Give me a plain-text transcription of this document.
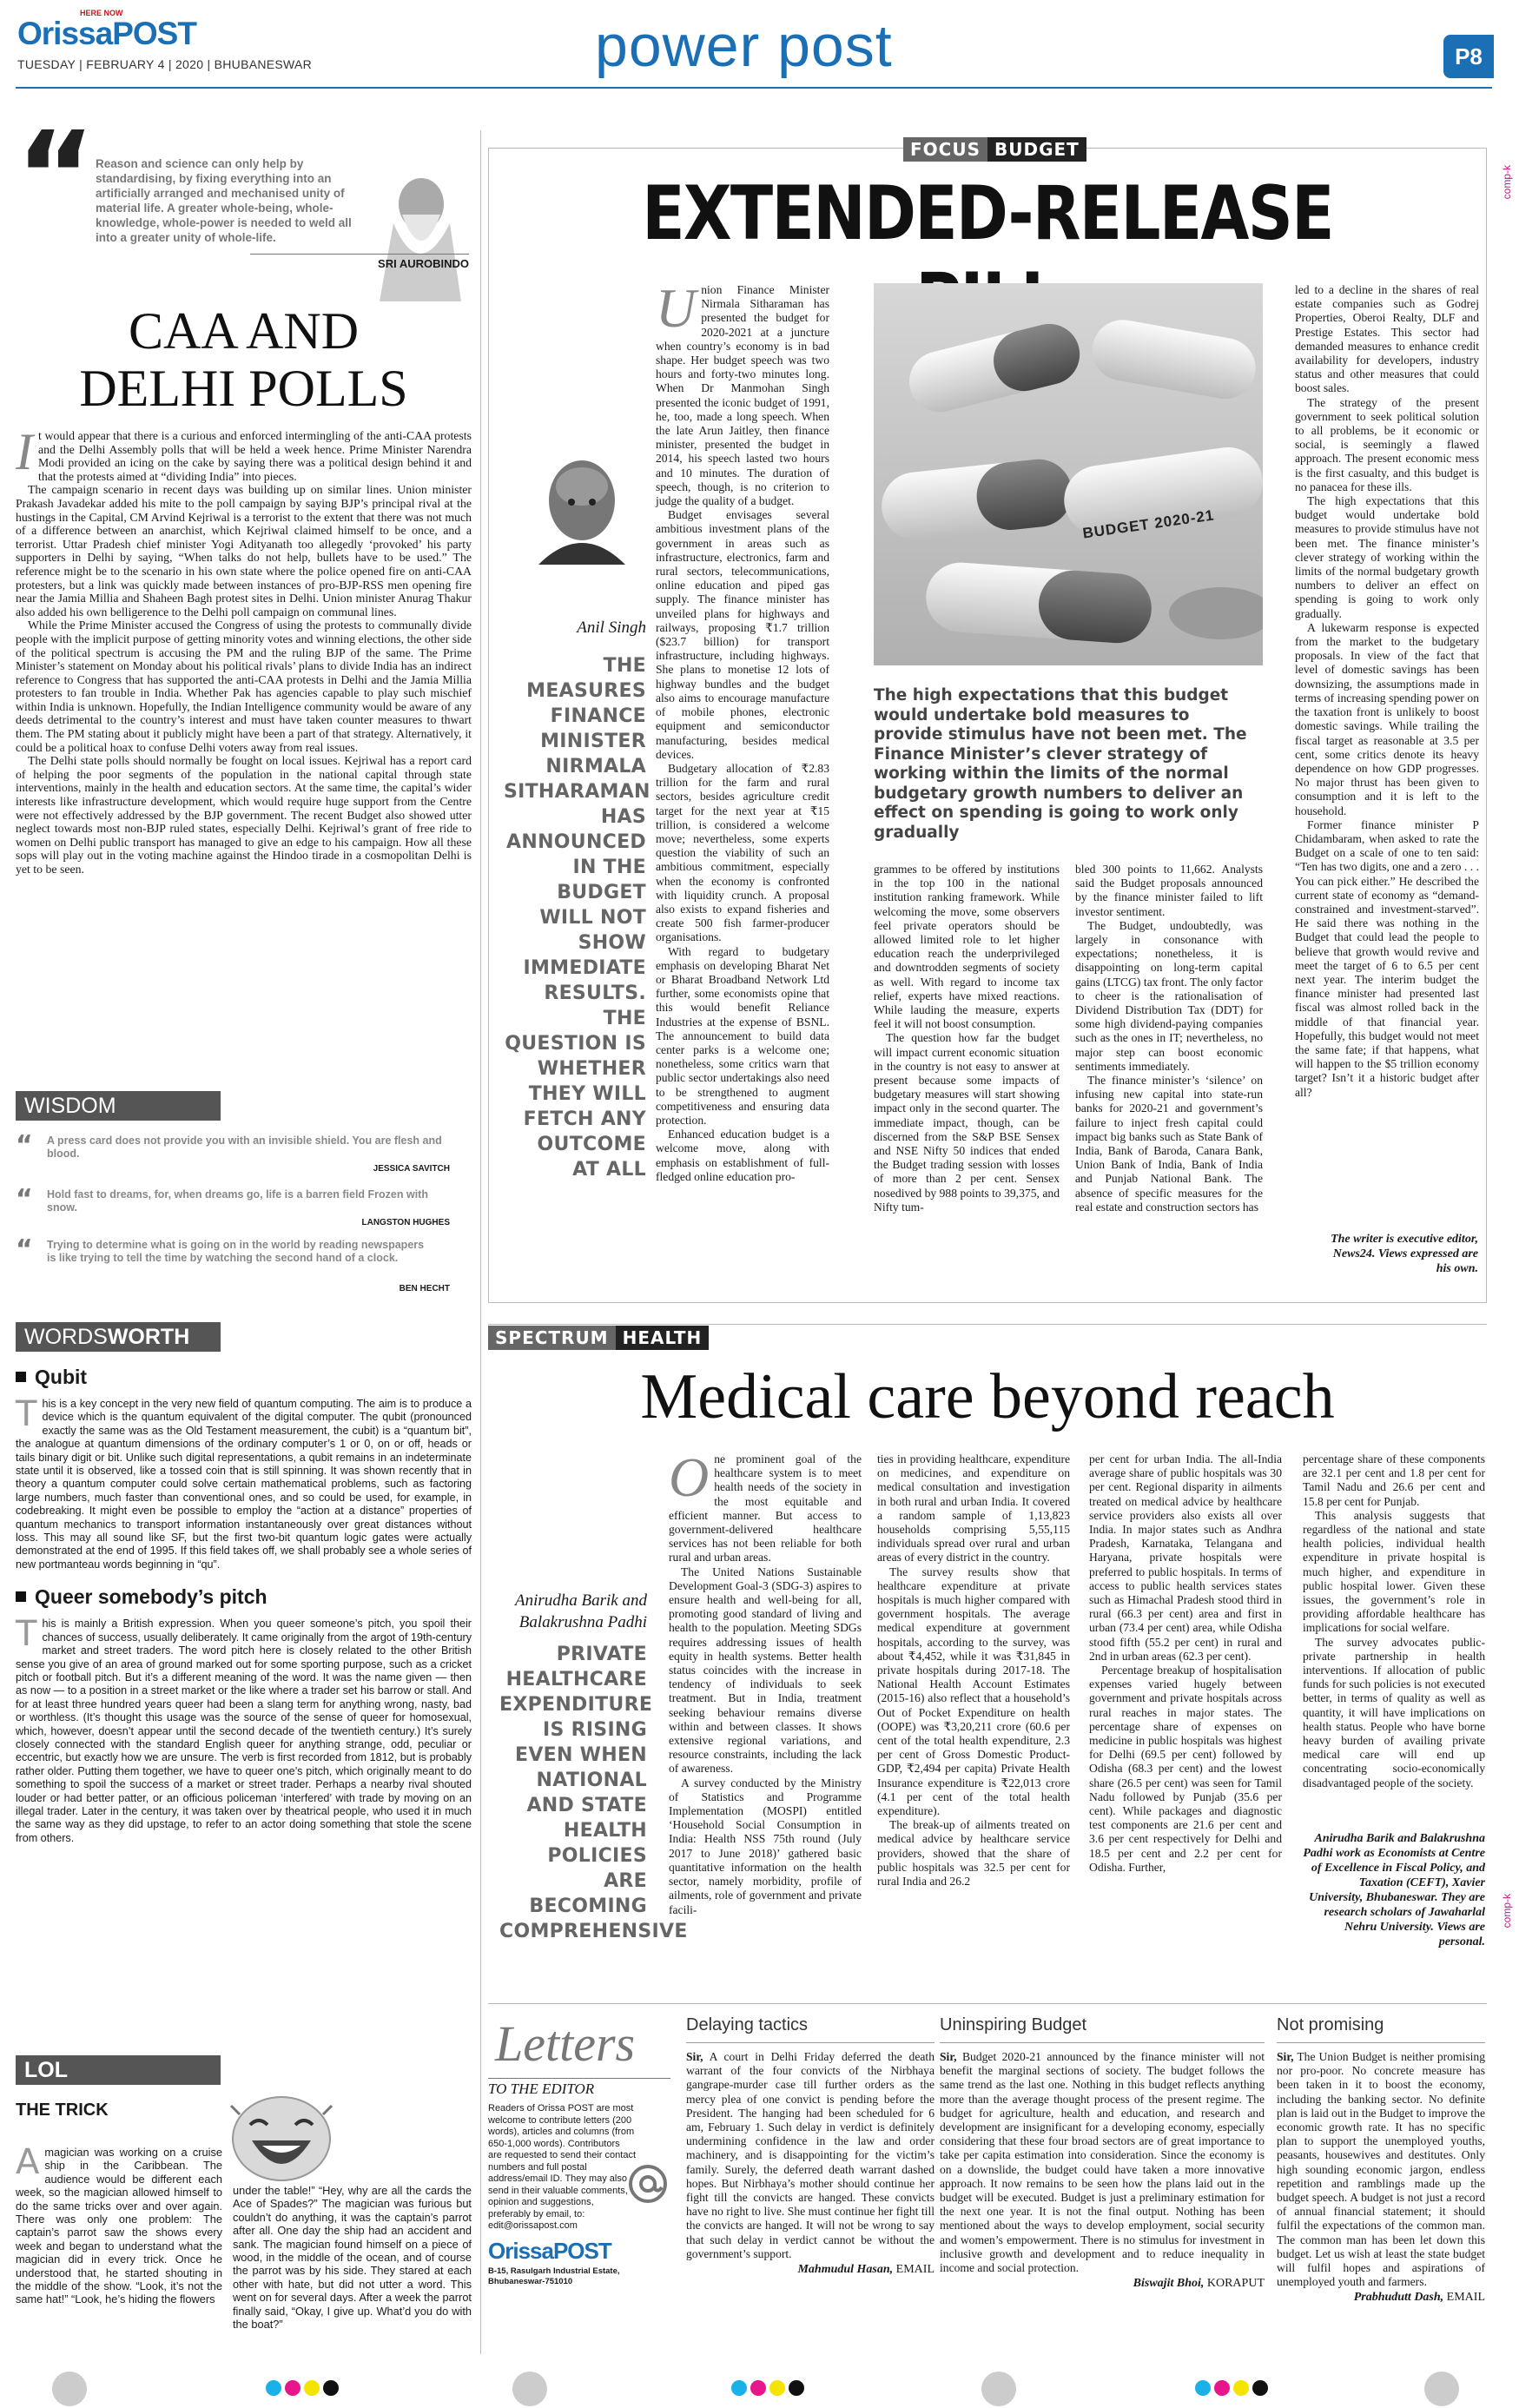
HERE NOW
OrissaPOST
TUESDAY | FEBRUARY 4 | 2020 | BHUBANESWAR	power post	P8
“ Reason and science can only help by standardising, by fixing everything into an artificially arranged and mechanised unity of material life. A greater whole-being, whole-knowledge, whole-power is needed to weld all into a greater unity of whole-life.
SRI AUROBINDO
CAA AND
DELHI POLLS

It would appear that there is a curious and enforced intermingling of the anti-CAA protests and the Delhi Assembly polls that will be held a week hence. Prime Minister Narendra Modi provided an icing on the cake by saying there was a political design behind it and that the protests aimed at “dividing India” into pieces.

The campaign scenario in recent days was building up on similar lines. Union minister Prakash Javadekar added his mite to the poll campaign by saying BJP’s principal rival at the hustings in the Capital, CM Arvind Kejriwal is a terrorist to the extent that there was not much of a difference between an anarchist, which Kejriwal claimed himself to be once, and a terrorist. Uttar Pradesh chief minister Yogi Adityanath too allegedly ‘provoked’ his party supporters in Delhi by saying, “When talks do not help, bullets have to be used.” The reference might be to the scenario in his own state where the police opened fire on anti-CAA protesters, but a link was quickly made between instances of pro-BJP-RSS men opening fire near the Jamia Millia and Shaheen Bagh protest sites in Delhi. Union minister Anurag Thakur also added his own belligerence to the Delhi poll campaign on communal lines.

While the Prime Minister accused the Congress of using the protests to communally divide people with the implicit purpose of getting minority votes and winning elections, the other side of the political spectrum is accusing the PM and the ruling BJP of the same. The Prime Minister’s statement on Monday about his political rivals’ plans to divide India has an indirect reference to Congress that has supported the anti-CAA protests in Delhi and the Jamia Millia protesters to fan trouble in India. Whether Pak has agencies capable to play such mischief within India is unknown. Hopefully, the Indian Intelligence community would be aware of any deeds detrimental to the country’s interest and must have taken counter measures to thwart them. The PM stating about it publicly might have been a part of that strategy. Alternatively, it could be a political hoax to confuse Delhi voters away from real issues.

The Delhi state polls should normally be fought on local issues. Kejriwal has a report card of helping the poor segments of the population in the national capital through state interventions, mainly in the health and education sectors. At the same time, the capital’s wider interests like infrastructure development, which would require huge support from the Centre were not effectively addressed by the BJP government. The recent Budget also showed utter neglect towards most non-BJP ruled states, especially Delhi. Kejriwal’s grant of free ride to women on Delhi public transport has managed to give an edge to his campaign. How all these sops will play out in the voting machine against the Hindoo tirade in a cosmopolitan Delhi is yet to be seen.

WISDOM CORNER
“ A press card does not provide you with an invisible shield. You are flesh and blood.
JESSICA SAVITCH
“ Hold fast to dreams, for, when dreams go, life is a barren field Frozen with snow.
LANGSTON HUGHES
“ Trying to determine what is going on in the world by reading newspapers is like trying to tell the time by watching the second hand of a clock.
BEN HECHT
WORDSWORTH
Qubit
This is a key concept in the very new field of quantum computing. The aim is to produce a device which is the quantum equivalent of the digital computer. The qubit (pronounced exactly the same was as the Old Testament measurement, the cubit) is a “quantum bit”, the analogue at quantum dimensions of the ordinary computer’s 1 or 0, on or off, heads or tails binary digit or bit. Unlike such digital representations, a qubit remains in an indeterminate state until it is observed, like a tossed coin that is still spinning. It was shown recently that in theory a quantum computer could solve certain mathematical problems, such as factoring large numbers, much faster than conventional ones, and so could be used, for example, in codebreaking. It might even be possible to employ the “action at a distance” properties of quantum mechanics to transport information instantaneously over great distances without loss. This may all sound like SF, but the first two-bit quantum logic gates were actually demonstrated at the end of 1995. If this field takes off, we shall probably see a whole series of new portmanteau words beginning in “qu”.
Queer somebody’s pitch
This is mainly a British expression. When you queer someone’s pitch, you spoil their chances of success, usually deliberately. It came originally from the argot of 19th-century market and street traders. The word pitch here is closely related to the other British sense you give of an area of ground marked out for some sporting purpose, such as a cricket pitch or football pitch. But it’s a different meaning of the word. It was the name given — then as now — to a position in a street market or the like where a trader set his barrow or stall. And for at least three hundred years queer had been a slang term for anything wrong, nasty, bad or worthless. (It’s thought this usage was the source of the sense of queer for homosexual, which, however, doesn’t appear until the second decade of the twentieth century.) It’s surely closely connected with the standard English queer for anything strange, odd, peculiar or eccentric, but exactly how we are unsure. The verb is first recorded from 1812, but is probably rather older. Putting them together, we have to queer one’s pitch, which originally meant to do something to spoil the success of a market or street trader. Perhaps a nearby rival shouted louder or had better patter, or an officious policeman ‘interfered’ with trade by moving on an illegal trader. Later in the century, it was taken over by theatrical people, who used it in much the same way as they did upstage, to refer to an actor doing something that stole the scene from others.
LOL
THE TRICK
Amagician was working on a cruise ship in the Caribbean. The audience would be different each week, so the magician allowed himself to do the same tricks over and over again. There was only one problem: The captain’s parrot saw the shows every week and began to understand what the magician did in every trick. Once he understood that, he started shouting in the middle of the show. “Look, it’s not the same hat!” “Look, he’s hiding the flowers
under the table!” “Hey, why are all the cards the Ace of Spades?” The magician was furious but couldn’t do anything, it was the captain’s parrot after all. One day the ship had an accident and sank. The magician found himself on a piece of wood, in the middle of the ocean, and of course the parrot was by his side. They stared at each other with hate, but did not utter a word. This went on for several days. After a week the parrot finally said, “Okay, I give up. What’d you do with the boat?”
FOCUS BUDGET
EXTENDED-RELEASE
Anil Singh
THE MEASURES FINANCE MINISTER NIRMALA SITHARAMAN HAS ANNOUNCED IN THE BUDGET WILL NOT SHOW IMMEDIATE RESULTS. THE QUESTION IS WHETHER THEY WILL FETCH ANY OUTCOME AT ALL

Union Finance Minister Nirmala Sitharaman has presented the budget for 2020-2021 at a juncture when country’s economy is in bad shape. Her budget speech was two hours and forty-two minutes long. When Dr Manmohan Singh presented the iconic budget of 1991, he, too, made a long speech. When the late Arun Jaitley, then finance minister, presented the budget in 2014, his speech lasted two hours and 10 minutes. The duration of speech, though, is no criterion to judge the quality of a budget.

Budget envisages several ambitious investment plans of the government in areas such as infrastructure, electronics, farm and rural sectors, telecommunications, online education and piped gas supply. The finance minister has unveiled plans for highways and railways, proposing ₹1.7 trillion ($23.7 billion) for transport infrastructure, including highways. She plans to monetise 12 lots of highway bundles and the budget also aims to encourage manufacture of mobile phones, electronic equipment and semiconductor manufacturing, besides medical devices.

Budgetary allocation of ₹2.83 trillion for the farm and rural sectors, besides agriculture credit target for the next year at ₹15 trillion, is considered a welcome move; nevertheless, some experts question the viability of such an ambitious commitment, especially when the economy is confronted with liquidity crunch. A proposal also exists to expand fisheries and create 500 fish farmer-producer organisations.

With regard to budgetary emphasis on developing Bharat Net or Bharat Broadband Network Ltd further, some economists opine that this would benefit Reliance Industries at the expense of BSNL. The announcement to build data center parks is a welcome one; nonetheless, some critics warn that public sector undertakings also need to be strengthened to augment competitiveness and ensuring data protection.

Enhanced education budget is a welcome move, along with emphasis on establishment of full-fledged online education pro-

BUDGET 2020-21
The high expectations that this budget would undertake bold measures to provide stimulus have not been met. The Finance Minister’s clever strategy of working within the limits of the normal budgetary growth numbers to deliver an effect on spending is going to work only gradually

grammes to be offered by institutions in the top 100 in the national institution ranking framework. While welcoming the move, some observers feel private operators should be allowed limited role to let higher education reach the underprivileged and downtrodden segments of society as well. With regard to income tax relief, experts have mixed reactions. While lauding the measure, experts feel it will not boost consumption.

The question how far the budget will impact current economic situation in the country is not easy to answer at present because some impacts of budgetary measures will start showing impact only in the second quarter. The immediate impact, though, can be discerned from the S&P BSE Sensex and NSE Nifty 50 indices that ended the Budget trading session with losses of more than 2 per cent. Sensex nosedived by 988 points to 39,375, and Nifty tum-

bled 300 points to 11,662. Analysts said the Budget proposals announced by the finance minister failed to lift investor sentiment.

The Budget, undoubtedly, was largely in consonance with expectations; nonetheless, it is disappointing on long-term capital gains (LTCG) tax front. The only factor to cheer is the rationalisation of Dividend Distribution Tax (DDT) for some high dividend-paying companies such as the ones in IT; nevertheless, no major step can boost economic sentiments immediately.

The finance minister’s ‘silence’ on infusing new capital into state-run banks for 2020-21 and government’s failure to inject fresh capital could impact big banks such as State Bank of India, Bank of Baroda, Canara Bank, Union Bank of India, Bank of India and Punjab National Bank. The absence of specific measures for the real estate and construction sectors has

led to a decline in the shares of real estate companies such as Godrej Properties, Oberoi Realty, DLF and Prestige Estates. This sector had demanded measures to enhance credit availability for developers, industry status and other measures that could boost sales.

The strategy of the present government to seek political solution to all problems, be it economic or social, is seemingly a flawed approach. The present economic mess is the first casualty, and this budget is no panacea for these ills.

The high expectations that this budget would undertake bold measures to provide stimulus have not been met. The finance minister’s clever strategy of working within the limits of the normal budgetary growth numbers to deliver an effect on spending is going to work only gradually.

A lukewarm response is expected from the market to the budgetary proposals. In view of the fact that level of domestic savings has been downsizing, the assumptions made in terms of increasing spending power on the taxation front is unlikely to boost domestic savings. While trailing the fiscal target as reasonable at 3.5 per cent, some critics denote its heavy dependence on how GDP progresses. No major thrust has been given to consumption and it is left to the household.

Former finance minister P Chidambaram, when asked to rate the Budget on a scale of one to ten said: “Ten has two digits, one and a zero . . . You can pick either.” He described the current state of economy as “demand-constrained and investment-starved”. He said there was nothing in the Budget that could lead the people to believe that growth would revive and meet the target of 6 to 6.5 per cent next year. The interim budget the finance minister had presented last fiscal was almost rolled back in the middle of that financial year. Hopefully, this budget would not meet the same fate; if that happens, what will happen to the $5 trillion economy target? Isn’t it a historic budget after all?

The writer is executive editor, News24. Views expressed are his own.
SPECTRUM HEALTH
Medical care beyond reach
Anirudha Barik and Balakrushna Padhi
PRIVATE HEALTHCARE EXPENDITURE IS RISING EVEN WHEN NATIONAL AND STATE HEALTH POLICIES ARE BECOMING COMPREHENSIVE

One prominent goal of the healthcare system is to meet health needs of the society in the most equitable and efficient manner. But access to government-delivered healthcare services has not been reliable for both rural and urban areas.

The United Nations Sustainable Development Goal-3 (SDG-3) aspires to ensure health and well-being for all, promoting good standard of living and health to the population. Meeting SDGs requires addressing issues of health equity in health systems. Better health status coincides with the increase in tendency of individuals to seek treatment. But in India, treatment seeking behaviour remains diverse within and between classes. It shows extensive regional variations, and resource constraints, including the lack of awareness.

A survey conducted by the Ministry of Statistics and Programme Implementation (MOSPI) entitled ‘Household Social Consumption in India: Health NSS 75th round (July 2017 to June 2018)’ gathered basic quantitative information on the health sector, namely morbidity, profile of ailments, role of government and private facili-

ties in providing healthcare, expenditure on medicines, and expenditure on medical consultation and investigation in both rural and urban India. It covered a random sample of 1,13,823 households comprising 5,55,115 individuals spread over rural and urban areas of every district in the country.

The survey results show that healthcare expenditure at private hospitals is much higher compared with government hospitals. The average medical expenditure at government hospitals, according to the survey, was about ₹4,452, while it was ₹31,845 in private hospitals during 2017-18. The National Health Account Estimates (2015-16) also reflect that a household’s Out of Pocket Expenditure on health (OOPE) was ₹3,20,211 crore (60.6 per cent of the total health expenditure, 2.3 per cent of Gross Domestic Product-GDP, ₹2,494 per capita) Private Health Insurance expenditure is ₹22,013 crore (4.1 per cent of the total health expenditure).

The break-up of ailments treated on medical advice by healthcare service providers, showed that the share of public hospitals was 32.5 per cent for rural India and 26.2

per cent for urban India. The all-India average share of public hospitals was 30 per cent. Regional disparity in ailments treated on medical advice by healthcare service providers also exists all over India. In major states such as Andhra Pradesh, Karnataka, Telangana and Haryana, private hospitals were preferred to public hospitals. In terms of access to public health services states such as Himachal Pradesh stood third in rural (66.3 per cent) area and first in urban (73.4 per cent) area, while Odisha stood fifth (55.2 per cent) in rural and 2nd in urban areas (62.3 per cent).

Percentage breakup of hospitalisation expenses varied hugely between government and private hospitals across rural reaches in major states. The percentage share of expenses on medicine in public hospitals was highest for Delhi (69.5 per cent) followed by Odisha (68.3 per cent) and the lowest share (26.5 per cent) was seen for Tamil Nadu followed by Punjab (35.6 per cent). While packages and diagnostic test components are 21.6 per cent and 3.6 per cent respectively for Delhi and 18.5 per cent and 2.2 per cent for Odisha. Further,

percentage share of these components are 32.1 per cent and 1.8 per cent for Tamil Nadu and 26.6 per cent and 15.8 per cent for Punjab.

This analysis suggests that regardless of the national and state health policies, individual health expenditure in private hospital is much higher, and expenditure in public hospital lower. Given these issues, the government’s role in providing affordable healthcare has implications for social welfare.

The survey advocates public-private partnership in health interventions. If allocation of public funds for such policies is not executed better, in terms of quality as well as quantity, it will have implications on health status. People who have borne heavy burden of availing private medical care will end up concentrating socio-economically disadvantaged people of the society.

Anirudha Barik and Balakrushna Padhi work as Economists at Centre of Excellence in Fiscal Policy, and Taxation (CEFT), Xavier University, Bhubaneswar. They are research scholars of Jawaharlal Nehru University. Views are personal.
Letters
TO THE EDITOR
Readers of Orissa POST are most welcome to contribute letters (200 words), articles and columns (from 650-1,000 words). Contributors are requested to send their contact numbers and full postal address/email ID. They may also send in their valuable comments, opinion and suggestions, preferably by email, to: edit@orissapost.com
OrissaPOST
B-15, Rasulgarh Industrial Estate, Bhubaneswar-751010
Delaying tactics
Sir, A court in Delhi Friday deferred the death warrant of the four convicts of the Nirbhaya gangrape-murder case till further orders as the mercy plea of one convict is pending before the President. The hanging had been scheduled for 6 am, February 1. Such delay in verdict is definitely undermining confidence in the law and order machinery, and is disappointing for the victim’s family. Surely, the deferred death warrant dashed hopes. But Nirbhaya’s mother should continue her fight till the convicts are hanged. These convicts have no right to live. She must continue her fight till the convicts are hanged. It will not be wrong to say that such delay in verdict cannot be without the government’s support.
Mahmudul Hasan, EMAIL
Uninspiring Budget
Sir, Budget 2020-21 announced by the finance minister will not benefit the marginal sections of society. The budget follows the same trend as the last one. Nothing in this budget reflects anything more than the average thought process of the present regime. The budget for agriculture, health and education, and research and development are insignificant for a developing economy, especially considering that these four broad sectors are of great importance to take per capita estimation into consideration. Since the economy is on a downslide, the budget could have taken a more innovative approach. It now remains to be seen how the plans laid out in the budget will be executed. Budget is just a preliminary estimation for the next one year. It is not the final output. Nothing has been mentioned about the ways to develop employment, social security and women’s empowerment. There is no stimulus for investment in inclusive growth and development and to reduce inequality in income and social protection.
Biswajit Bhoi, KORAPUT
Not promising
Sir, The Union Budget is neither promising nor pro-poor. No concrete measure has been taken in it to boost the economy, including the banking sector. No definite plan is laid out in the Budget to improve the economic growth rate. It has no specific plan to support the unemployed youths, peasants, housewives and destitutes. Only high sounding economic jargon, endless repetition and ramblings made up the budget speech. A budget is not just a record of annual financial statement; it should fulfil the expectations of the common man. The common man has been let down this budget. Let us wish at least the state budget will fulfil hopes and aspirations of unemployed youth and farmers.
Prabhudutt Dash, EMAIL
comp-k
comp-k
